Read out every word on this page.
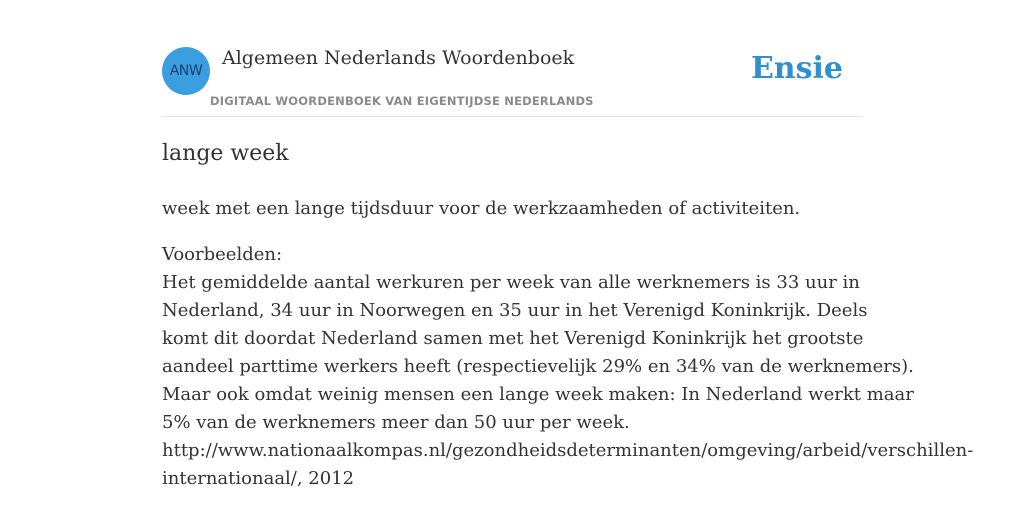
ANW
Algemeen Nederlands Woordenboek
DIGITAAL WOORDENBOEK VAN EIGENTIJDSE NEDERLANDS
Ensie
lange week

week met een lange tijdsduur voor de werkzaamheden of activiteiten.

Voorbeelden:
Het gemiddelde aantal werkuren per week van alle werknemers is 33 uur in
Nederland, 34 uur in Noorwegen en 35 uur in het Verenigd Koninkrijk. Deels
komt dit doordat Nederland samen met het Verenigd Koninkrijk het grootste
aandeel parttime werkers heeft (respectievelijk 29% en 34% van de werknemers).
Maar ook omdat weinig mensen een lange week maken: In Nederland werkt maar
5% van de werknemers meer dan 50 uur per week.
http://www.nationaalkompas.nl/gezondheidsdeterminanten/omgeving/arbeid/verschillen-
internationaal/, 2012
